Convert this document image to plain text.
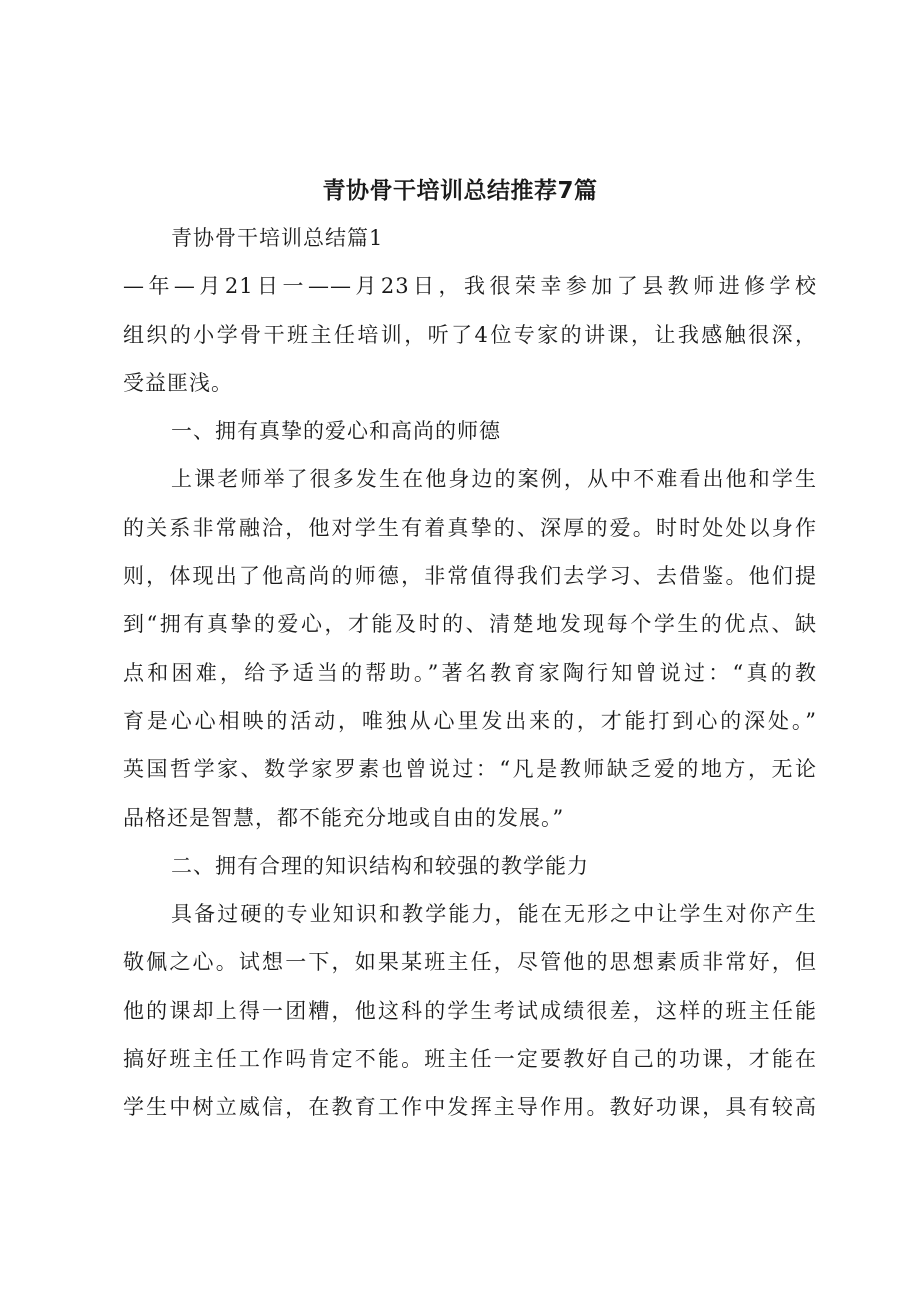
青协骨干培训总结推荐7篇
青协骨干培训总结篇1
—年—月21日一——月23日，我很荣幸参加了县教师进修学校
组织的小学骨干班主任培训，听了4位专家的讲课，让我感触很深，
受益匪浅。
一、拥有真挚的爱心和高尚的师德
上课老师举了很多发生在他身边的案例，从中不难看出他和学生
的关系非常融洽，他对学生有着真挚的、深厚的爱。时时处处以身作
则，体现出了他高尚的师德，非常值得我们去学习、去借鉴。他们提
到“拥有真挚的爱心，才能及时的、清楚地发现每个学生的优点、缺
点和困难，给予适当的帮助。”著名教育家陶行知曾说过：“真的教
育是心心相映的活动，唯独从心里发出来的，才能打到心的深处。”
英国哲学家、数学家罗素也曾说过：“凡是教师缺乏爱的地方，无论
品格还是智慧，都不能充分地或自由的发展。”
二、拥有合理的知识结构和较强的教学能力
具备过硬的专业知识和教学能力，能在无形之中让学生对你产生
敬佩之心。试想一下，如果某班主任，尽管他的思想素质非常好，但
他的课却上得一团糟，他这科的学生考试成绩很差，这样的班主任能
搞好班主任工作吗肯定不能。班主任一定要教好自己的功课，才能在
学生中树立威信，在教育工作中发挥主导作用。教好功课，具有较高
